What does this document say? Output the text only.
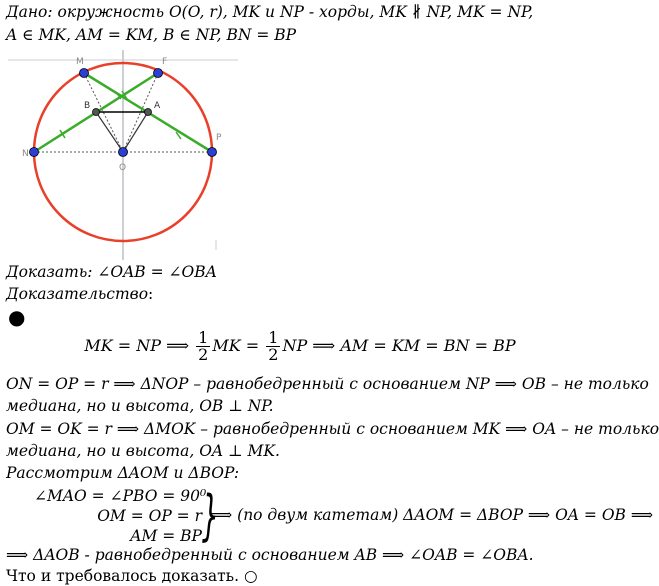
Дано: окружность O(O, r), MK и NP - хорды, MK ∦ NP, MK = NP,
A ∈ MK, AM = KM, B ∈ NP, BN = BP
M	F
B	A
N
P
O
Доказать: ∠OAB = ∠OBA
Доказательство:
●
MK = NP ⟹ $\frac{1}{2}$ MK = $\frac{1}{2}$ NP ⟹ AM = KM = BN = BP
ON = OP = r ⟹ ΔNOP – равнобедренный с основанием NP ⟹ OB – не только
медиана, но и высота, OB ⊥ NP.
OM = OK = r ⟹ ΔMOK – равнобедренный с основанием MK ⟹ OA – не только
медиана, но и высота, OA ⊥ MK.
Рассмотрим ΔAOM и ΔBOP:
∠MAO = ∠PBO = 90⁰
OM = OP = r
AM = BP }
⟹ (по двум катетам) ΔAOM = ΔBOP ⟹ OA = OB ⟹
⟹ ΔAOB - равнобедренный с основанием AB ⟹ ∠OAB = ∠OBA.
Что и требовалось доказать. ○
